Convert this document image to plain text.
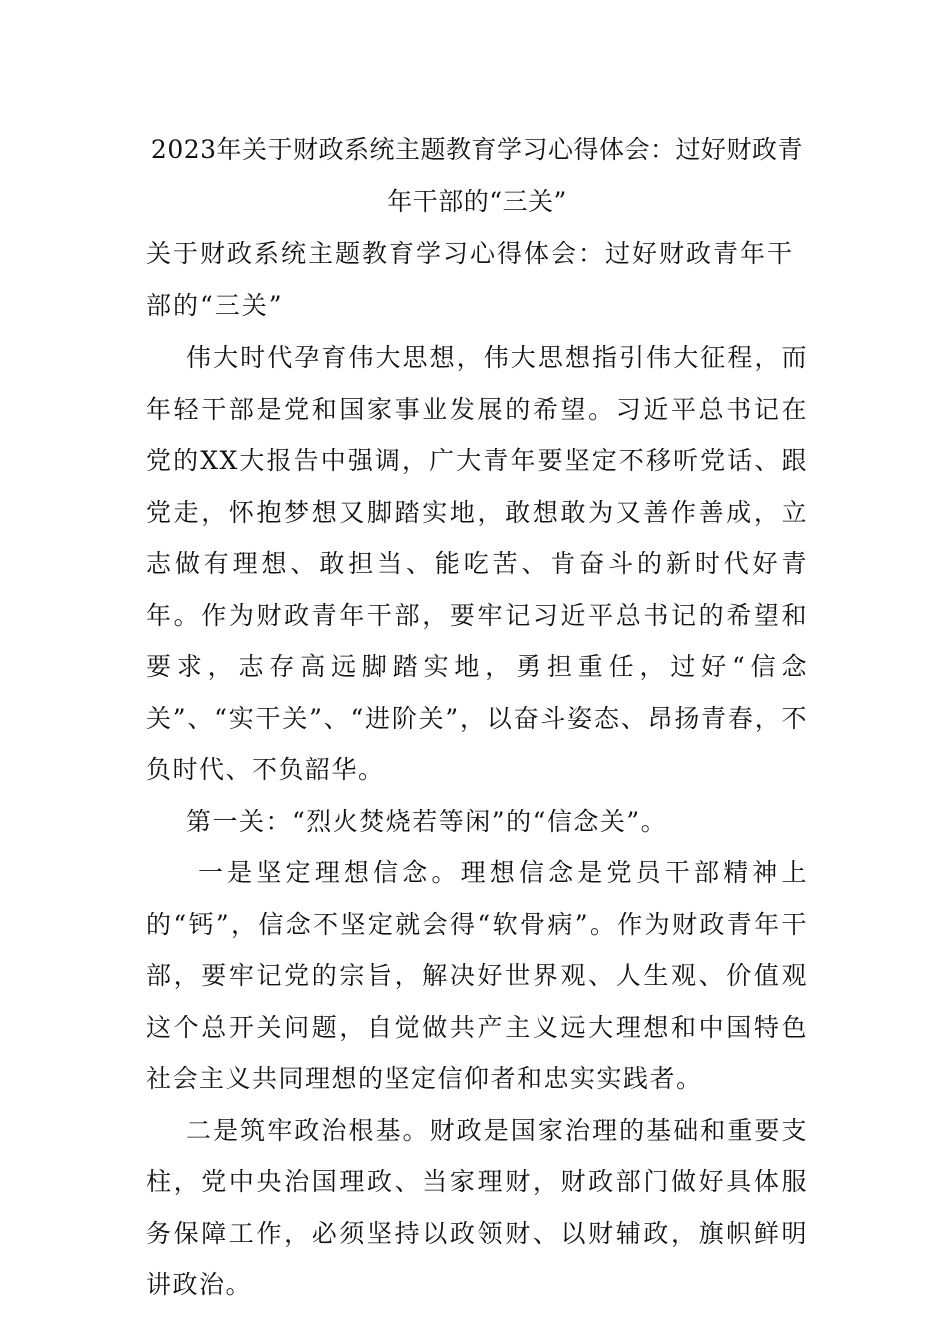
2023年关于财政系统主题教育学习心得体会：过好财政青年干部的“三关”

关于财政系统主题教育学习心得体会：过好财政青年干部的“三关”

伟大时代孕育伟大思想，伟大思想指引伟大征程，而年轻干部是党和国家事业发展的希望。习近平总书记在党的XX大报告中强调，广大青年要坚定不移听党话、跟党走，怀抱梦想又脚踏实地，敢想敢为又善作善成，立志做有理想、敢担当、能吃苦、肯奋斗的新时代好青年。作为财政青年干部，要牢记习近平总书记的希望和要求，志存高远脚踏实地，勇担重任，过好“信念关”、“实干关”、“进阶关”，以奋斗姿态、昂扬青春，不负时代、不负韶华。

第一关：“烈火焚烧若等闲”的“信念关”。

一是坚定理想信念。理想信念是党员干部精神上的“钙”，信念不坚定就会得“软骨病”。作为财政青年干部，要牢记党的宗旨，解决好世界观、人生观、价值观这个总开关问题，自觉做共产主义远大理想和中国特色社会主义共同理想的坚定信仰者和忠实实践者。

二是筑牢政治根基。财政是国家治理的基础和重要支柱，党中央治国理政、当家理财，财政部门做好具体服务保障工作，必须坚持以政领财、以财辅政，旗帜鲜明讲政治。
